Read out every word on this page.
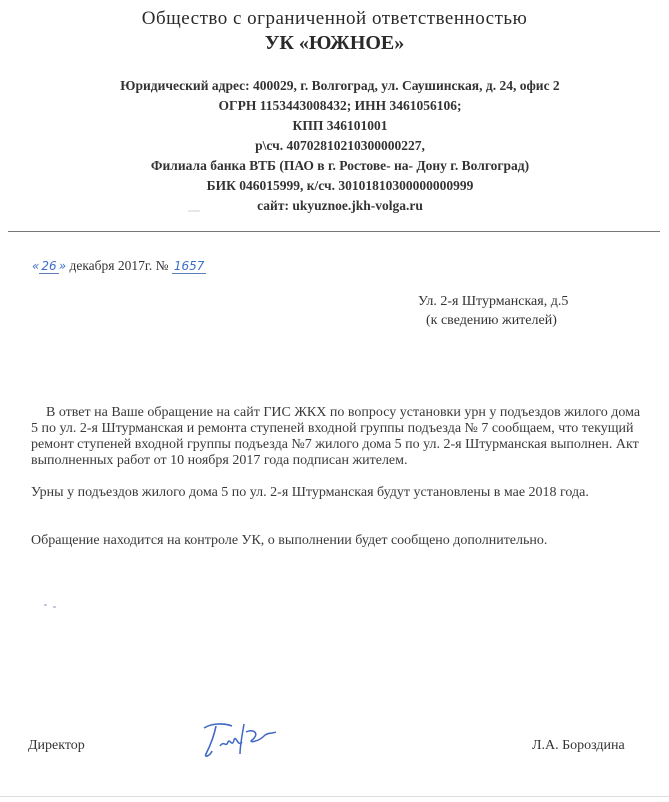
Общество с ограниченной ответственностью
УК «ЮЖНОЕ»
Юридический адрес: 400029, г. Волгоград, ул. Саушинская, д. 24, офис 2
ОГРН 1153443008432; ИНН 3461056106;
КПП 346101001
р\сч. 40702810210300000227,
Филиала банка ВТБ (ПАО в г. Ростове- на- Дону г. Волгоград)
БИК 046015999, к/сч. 30101810300000000999
сайт: ukyuznoe.jkh-volga.ru
« 26 » декабря 2017г. № 1657
Ул. 2-я Штурманская, д.5
(к сведению жителей)
В ответ на Ваше обращение на сайт ГИС ЖКХ по вопросу установки урн у подъездов жилого дома 5 по ул. 2-я Штурманская и ремонта ступеней входной группы подъезда № 7 сообщаем, что текущий ремонт ступеней входной группы подъезда №7 жилого дома 5 по ул. 2-я Штурманская выполнен. Акт выполненных работ от 10 ноября 2017 года подписан жителем.
Урны у подъездов жилого дома 5 по ул. 2-я Штурманская будут установлены в мае 2018 года.
Обращение находится на контроле УК, о выполнении будет сообщено дополнительно.
Директор	Л.А. Бороздина
